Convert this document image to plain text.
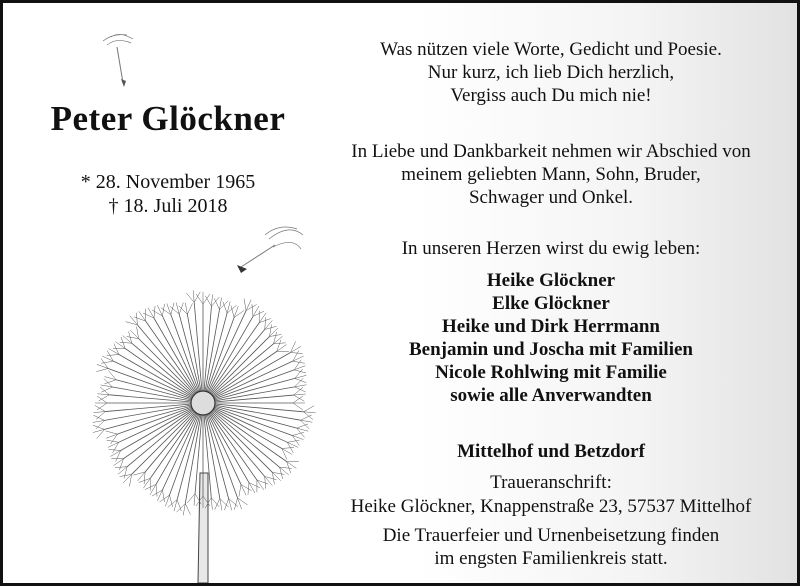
Peter Glöckner
* 28. November 1965
† 18. Juli 2018
Was nützen viele Worte, Gedicht und Poesie.
Nur kurz, ich lieb Dich herzlich,
Vergiss auch Du mich nie!
In Liebe und Dankbarkeit nehmen wir Abschied von
meinem geliebten Mann, Sohn, Bruder,
Schwager und Onkel.
In unseren Herzen wirst du ewig leben:
Heike Glöckner
Elke Glöckner
Heike und Dirk Herrmann
Benjamin und Joscha mit Familien
Nicole Rohlwing mit Familie
sowie alle Anverwandten
Mittelhof und Betzdorf
Traueranschrift:
Heike Glöckner, Knappenstraße 23, 57537 Mittelhof
Die Trauerfeier und Urnenbeisetzung finden
im engsten Familienkreis statt.
